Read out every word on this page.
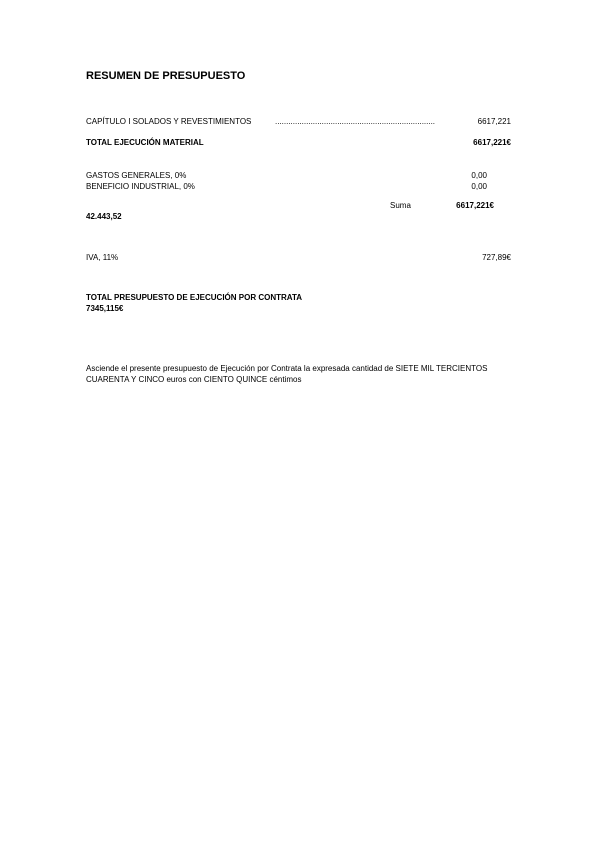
RESUMEN DE PRESUPUESTO
CAPÍTULO I SOLADOS Y REVESTIMIENTOS	........................................................................	6617,221
TOTAL EJECUCIÓN MATERIAL	6617,221€
GASTOS GENERALES, 0%	0,00
BENEFICIO INDUSTRIAL, 0%	0,00
Suma	6617,221€
42.443,52
IVA, 11%	727,89€
TOTAL PRESUPUESTO DE EJECUCIÓN POR CONTRATA
7345,115€
Asciende el presente presupuesto de Ejecución por Contrata la expresada cantidad de SIETE MIL TERCIENTOS CUARENTA Y CINCO euros con CIENTO QUINCE céntimos
